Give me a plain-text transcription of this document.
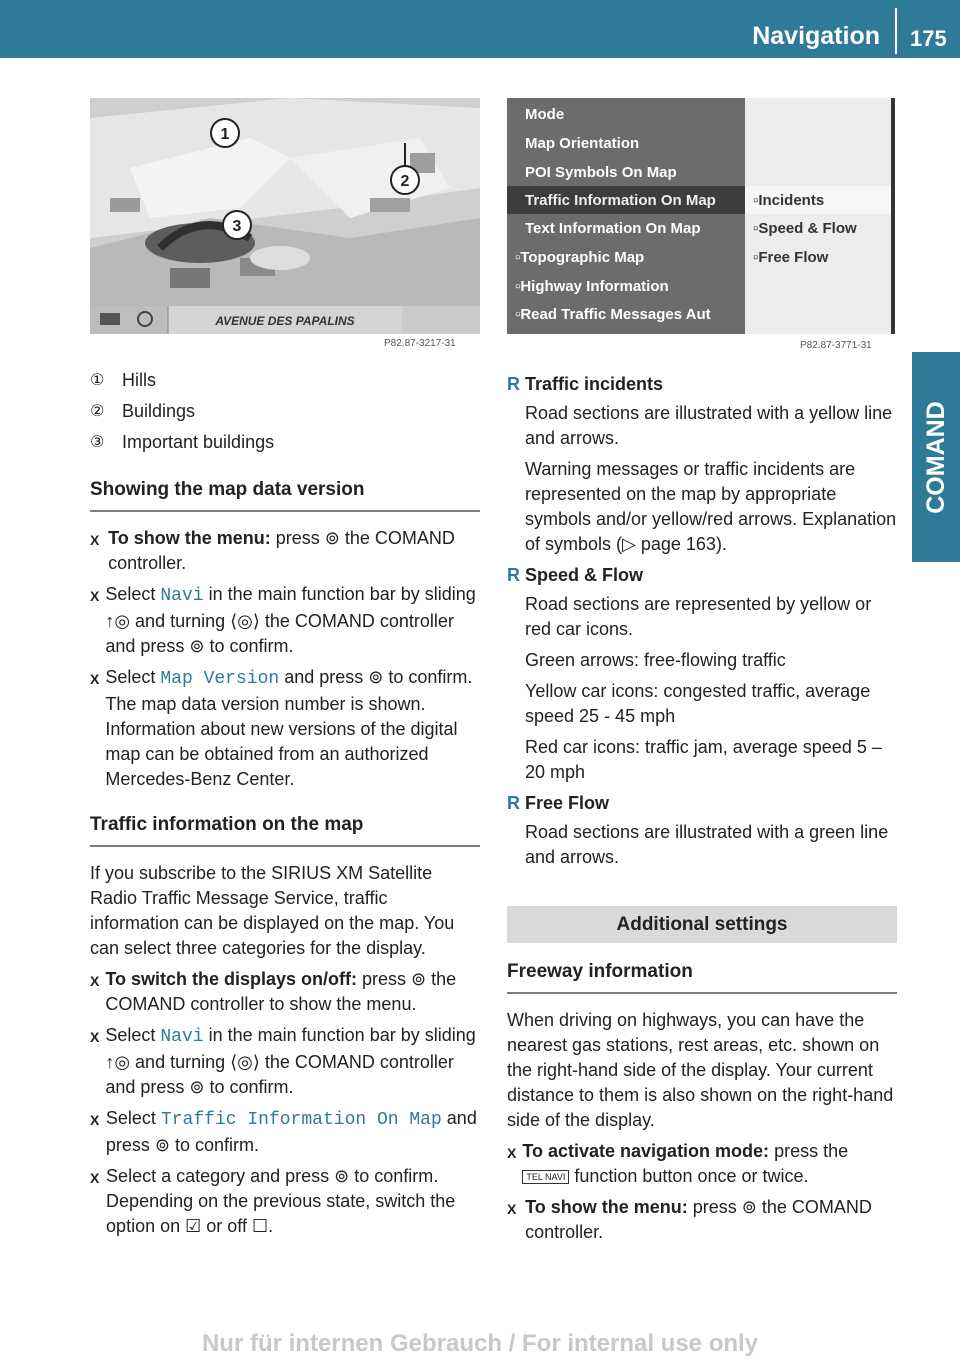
Navigation 175
COMAND
1
2
3
AVENUE DES PAPALINS
P82.87-3217-31
Mode
Map Orientation
POI Symbols On Map
Traffic Information On Map
Text Information On Map
▫Topographic Map
▫Highway Information
▫Read Traffic Messages Aut
▫Incidents
▫Speed & Flow
▫Free Flow
P82.87-3771-31
① Hills
② Buildings
③ Important buildings
Showing the map data version
X To show the menu: press ⊚ the COMAND controller.

X Select Navi in the main function bar by sliding ↑◎ and turning ⟨◎⟩ the COMAND controller and press ⊚ to confirm.

X Select Map Version and press ⊚ to confirm.
The map data version number is shown. Information about new versions of the digital map can be obtained from an authorized Mercedes-Benz Center.

Traffic information on the map

If you subscribe to the SIRIUS XM Satellite Radio Traffic Message Service, traffic information can be displayed on the map. You can select three categories for the display.

X To switch the displays on/off: press ⊚ the COMAND controller to show the menu.

X Select Navi in the main function bar by sliding ↑◎ and turning ⟨◎⟩ the COMAND controller and press ⊚ to confirm.

X Select Traffic Information On Map and press ⊚ to confirm.

X Select a category and press ⊚ to confirm.
Depending on the previous state, switch the option on ☑ or off ☐.

R Traffic incidents

Road sections are illustrated with a yellow line and arrows.

Warning messages or traffic incidents are represented on the map by appropriate symbols and/or yellow/red arrows. Explanation of symbols (▷ page 163).

R Speed & Flow

Road sections are represented by yellow or red car icons.

Green arrows: free-flowing traffic

Yellow car icons: congested traffic, average speed 25 - 45 mph

Red car icons: traffic jam, average speed 5 – 20 mph

R Free Flow

Road sections are illustrated with a green line and arrows.

Additional settings
Freeway information

When driving on highways, you can have the nearest gas stations, rest areas, etc. shown on the right-hand side of the display. Your current distance to them is also shown on the right-hand side of the display.

X To activate navigation mode: press the TEL NAVI function button once or twice.

X To show the menu: press ⊚ the COMAND controller.

Nur für internen Gebrauch / For internal use only
